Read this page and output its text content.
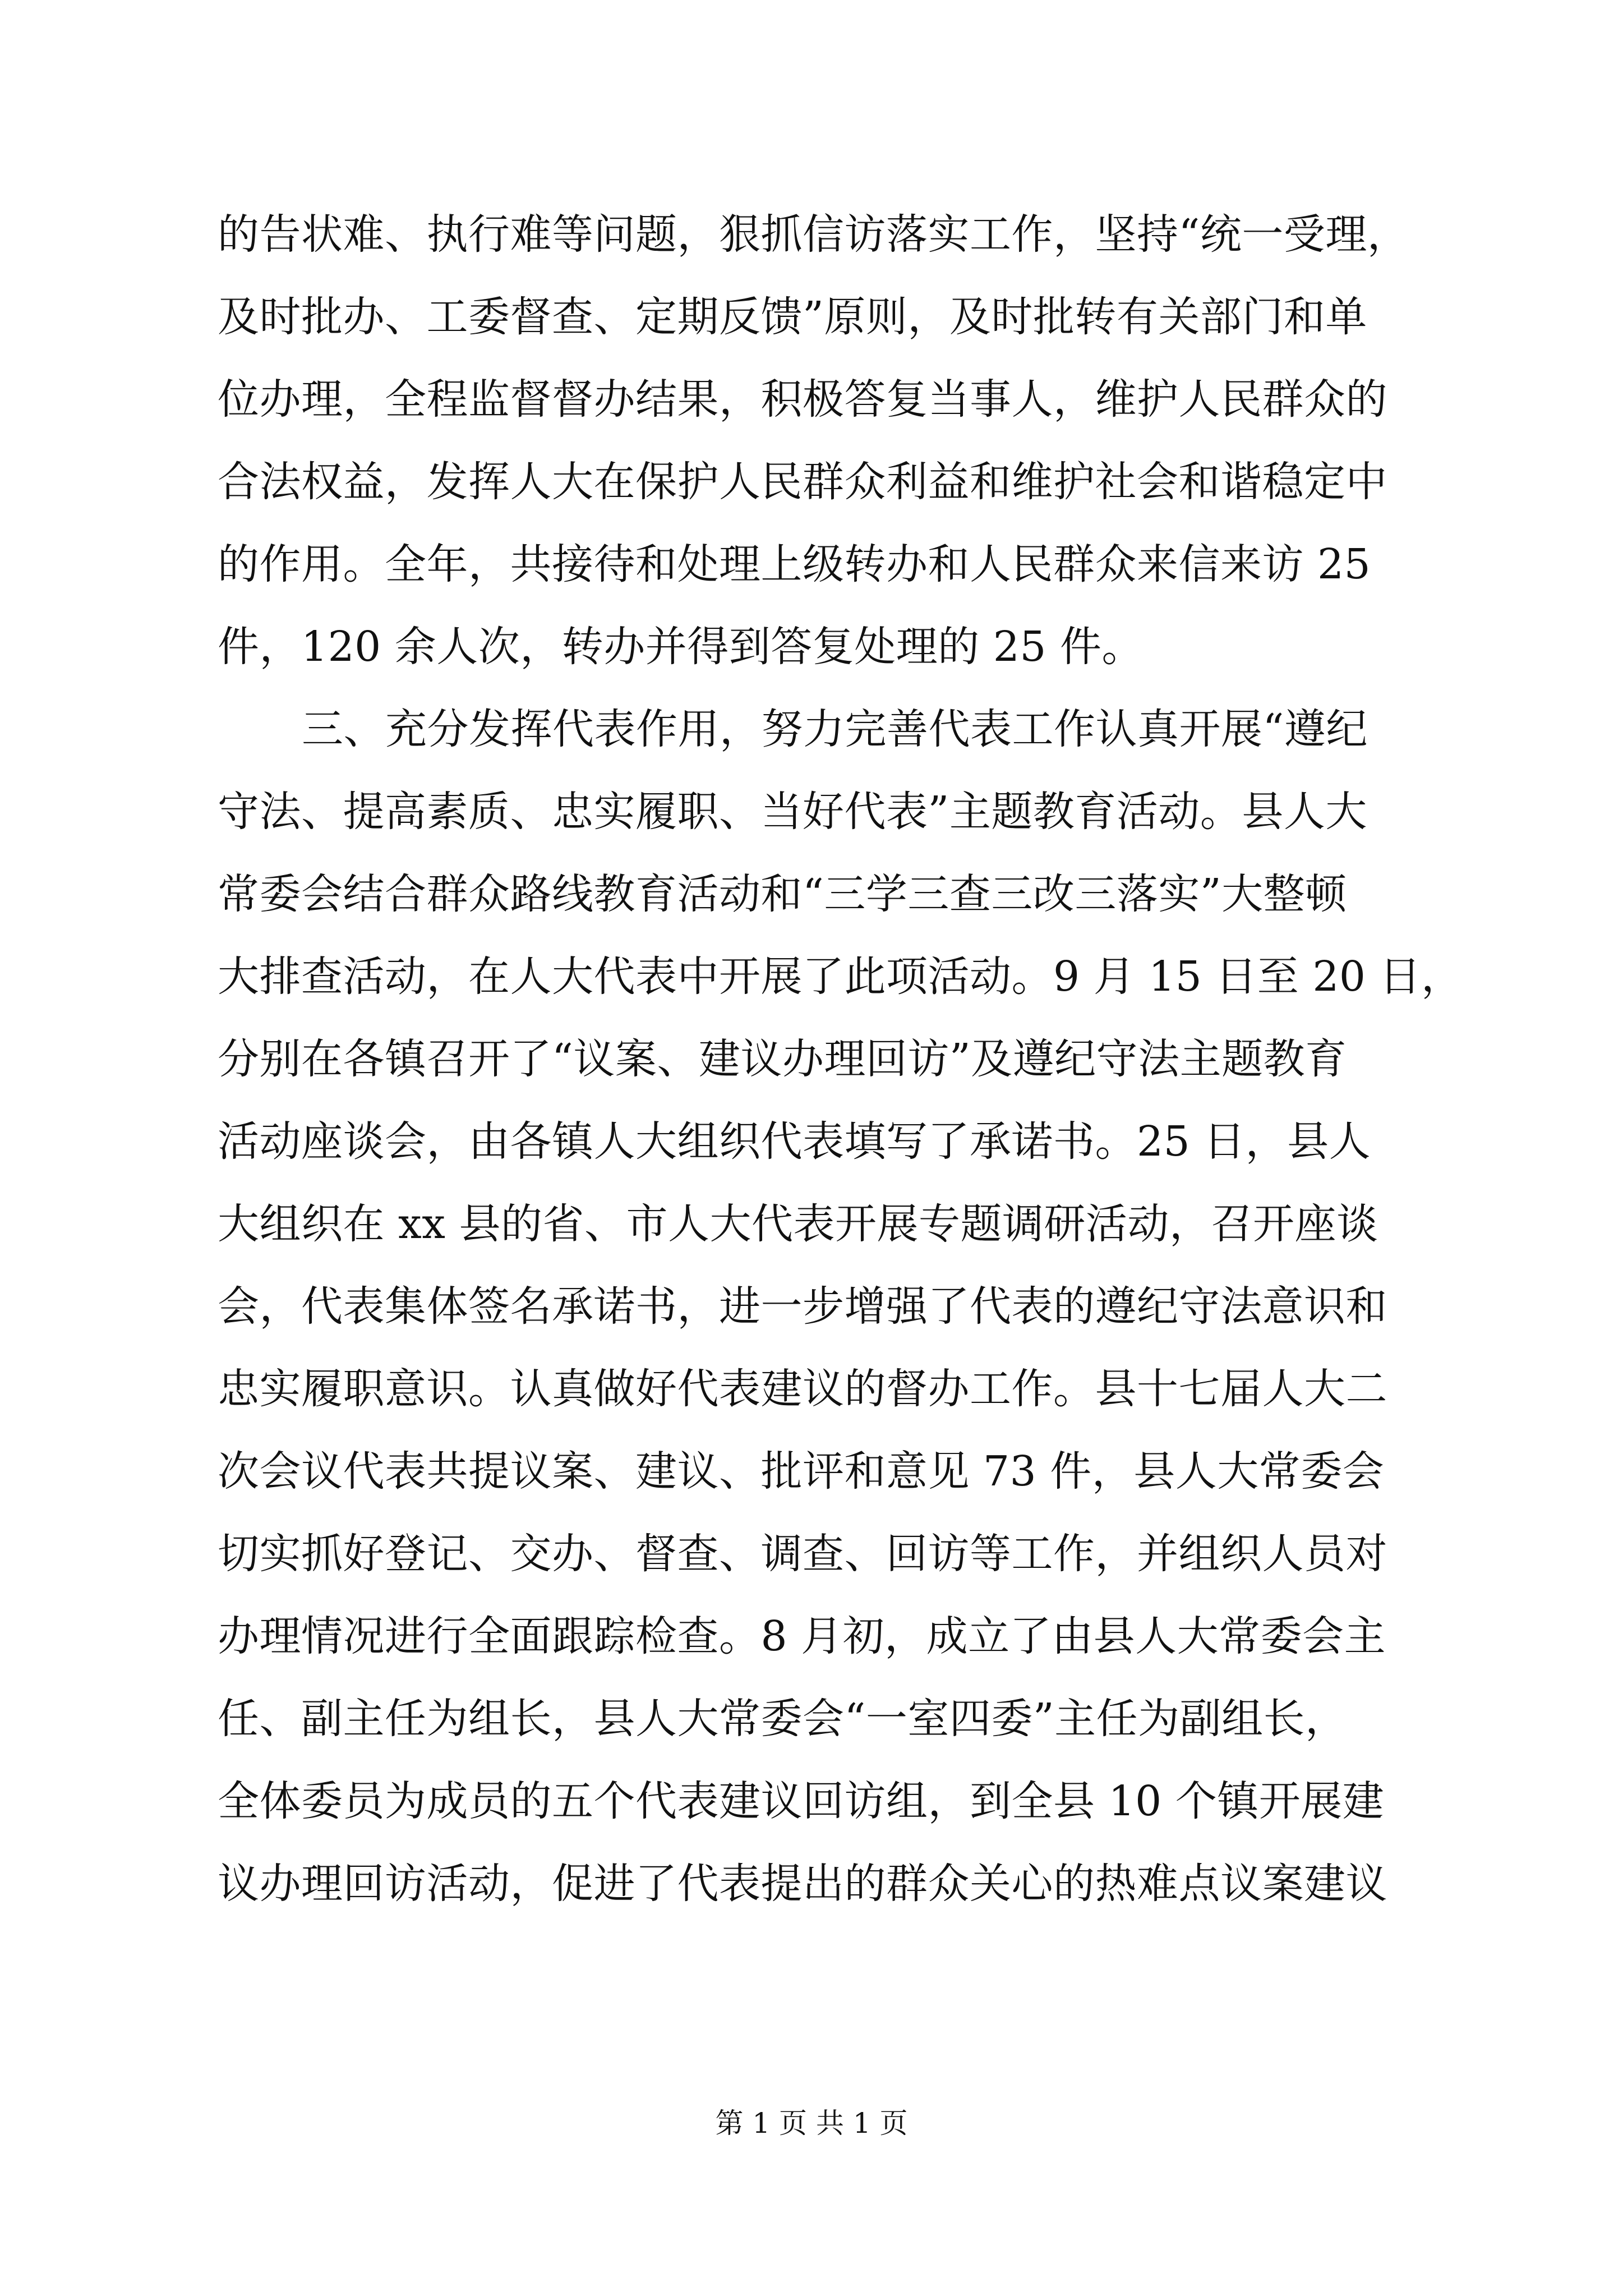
的告状难、执行难等问题，狠抓信访落实工作，坚持“统一受理，
及时批办、工委督查、定期反馈”原则，及时批转有关部门和单
位办理，全程监督督办结果，积极答复当事人，维护人民群众的
合法权益，发挥人大在保护人民群众利益和维护社会和谐稳定中
的作用。全年，共接待和处理上级转办和人民群众来信来访 25
件，120 余人次，转办并得到答复处理的 25 件。
三、充分发挥代表作用，努力完善代表工作认真开展“遵纪
守法、提高素质、忠实履职、当好代表”主题教育活动。县人大
常委会结合群众路线教育活动和“三学三查三改三落实”大整顿
大排查活动，在人大代表中开展了此项活动。9 月 15 日至 20 日，
分别在各镇召开了“议案、建议办理回访”及遵纪守法主题教育
活动座谈会，由各镇人大组织代表填写了承诺书。25 日，县人
大组织在 xx 县的省、市人大代表开展专题调研活动，召开座谈
会，代表集体签名承诺书，进一步增强了代表的遵纪守法意识和
忠实履职意识。认真做好代表建议的督办工作。县十七届人大二
次会议代表共提议案、建议、批评和意见 73 件，县人大常委会
切实抓好登记、交办、督查、调查、回访等工作，并组织人员对
办理情况进行全面跟踪检查。8 月初，成立了由县人大常委会主
任、副主任为组长，县人大常委会“一室四委”主任为副组长，
全体委员为成员的五个代表建议回访组，到全县 10 个镇开展建
议办理回访活动，促进了代表提出的群众关心的热难点议案建议
第 1 页 共 1 页
